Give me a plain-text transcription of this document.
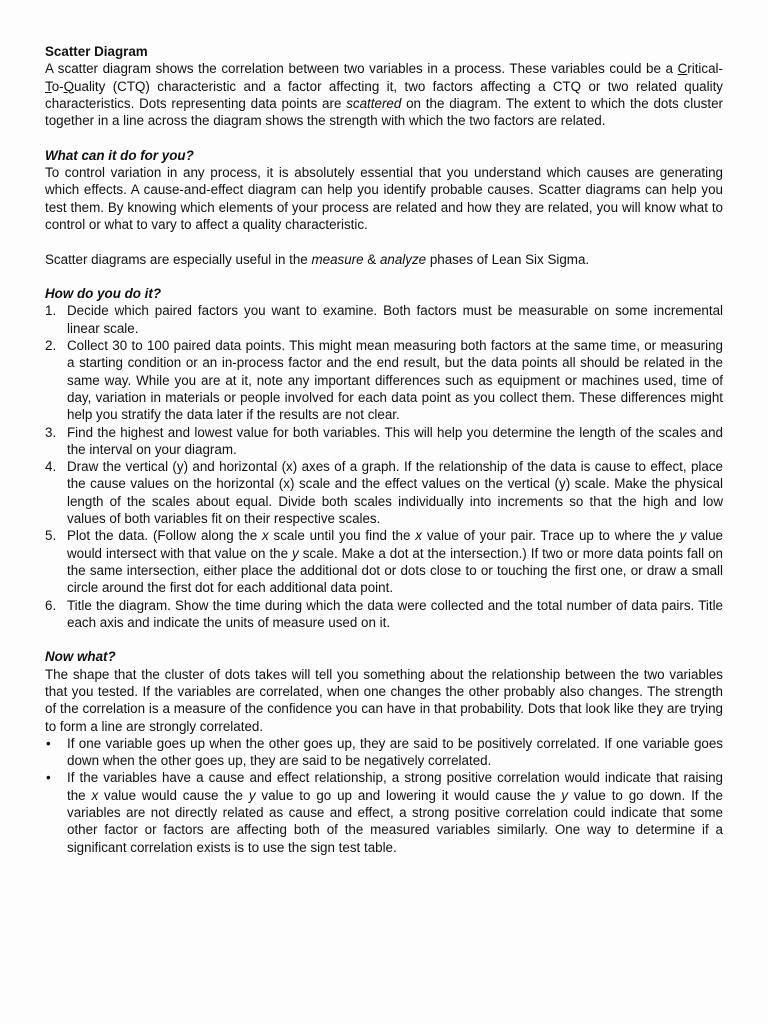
Scatter Diagram

A scatter diagram shows the correlation between two variables in a process. These variables could be a Critical-To-Quality (CTQ) characteristic and a factor affecting it, two factors affecting a CTQ or two related quality characteristics. Dots representing data points are scattered on the diagram. The extent to which the dots cluster together in a line across the diagram shows the strength with which the two factors are related.

What can it do for you?

To control variation in any process, it is absolutely essential that you understand which causes are generating which effects. A cause-and-effect diagram can help you identify probable causes. Scatter diagrams can help you test them. By knowing which elements of your process are related and how they are related, you will know what to control or what to vary to affect a quality characteristic.

Scatter diagrams are especially useful in the measure & analyze phases of Lean Six Sigma.

How do you do it?

1. Decide which paired factors you want to examine. Both factors must be measurable on some incremental linear scale.
2. Collect 30 to 100 paired data points. This might mean measuring both factors at the same time, or measuring a starting condition or an in-process factor and the end result, but the data points all should be related in the same way. While you are at it, note any important differences such as equipment or machines used, time of day, variation in materials or people involved for each data point as you collect them. These differences might help you stratify the data later if the results are not clear.
3. Find the highest and lowest value for both variables. This will help you determine the length of the scales and the interval on your diagram.
4. Draw the vertical (y) and horizontal (x) axes of a graph. If the relationship of the data is cause to effect, place the cause values on the horizontal (x) scale and the effect values on the vertical (y) scale. Make the physical length of the scales about equal. Divide both scales individually into increments so that the high and low values of both variables fit on their respective scales.
5. Plot the data. (Follow along the x scale until you find the x value of your pair. Trace up to where the y value would intersect with that value on the y scale. Make a dot at the intersection.) If two or more data points fall on the same intersection, either place the additional dot or dots close to or touching the first one, or draw a small circle around the first dot for each additional data point.
6. Title the diagram. Show the time during which the data were collected and the total number of data pairs. Title each axis and indicate the units of measure used on it.

Now what?

The shape that the cluster of dots takes will tell you something about the relationship between the two variables that you tested. If the variables are correlated, when one changes the other probably also changes. The strength of the correlation is a measure of the confidence you can have in that probability. Dots that look like they are trying to form a line are strongly correlated.

• If one variable goes up when the other goes up, they are said to be positively correlated. If one variable goes down when the other goes up, they are said to be negatively correlated.
• If the variables have a cause and effect relationship, a strong positive correlation would indicate that raising the x value would cause the y value to go up and lowering it would cause the y value to go down. If the variables are not directly related as cause and effect, a strong positive correlation could indicate that some other factor or factors are affecting both of the measured variables similarly. One way to determine if a significant correlation exists is to use the sign test table.
